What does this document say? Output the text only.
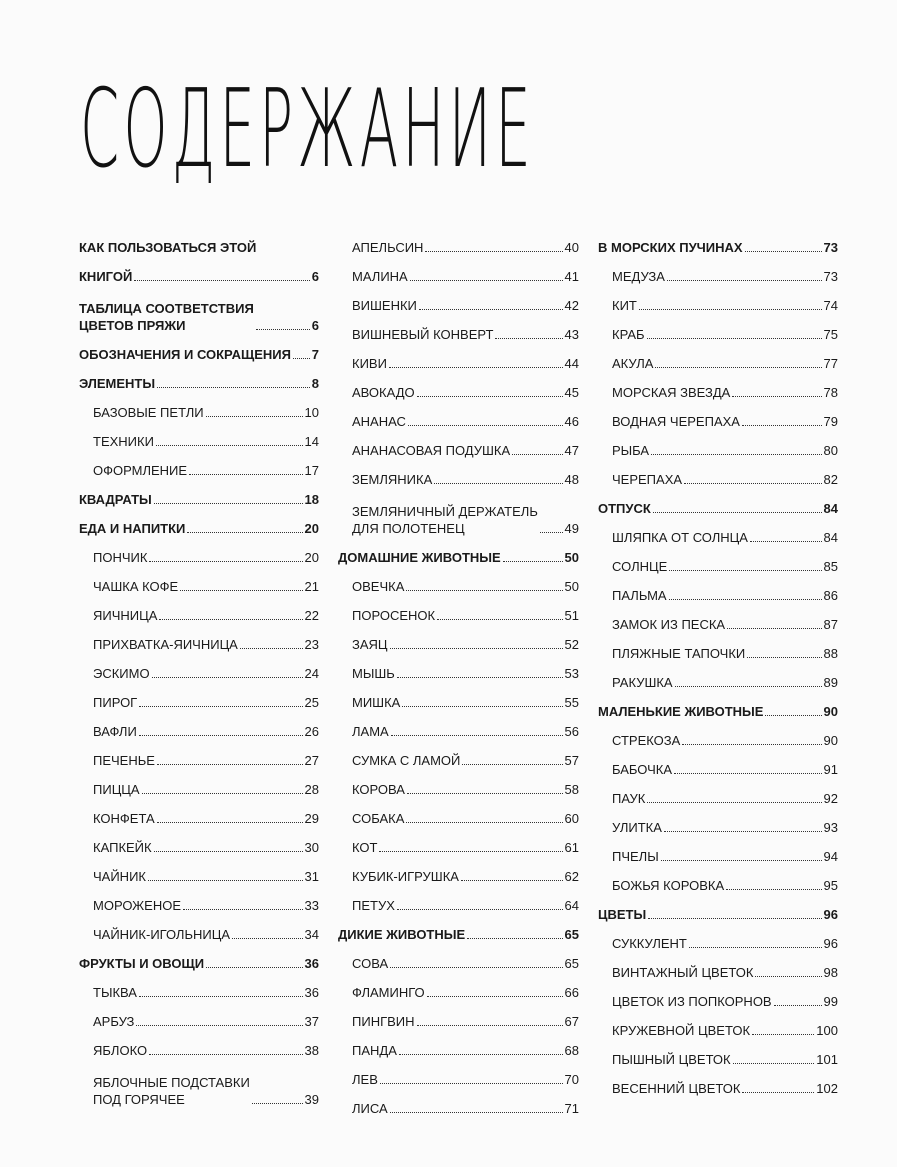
СОДЕРЖАНИЕ
КАК ПОЛЬЗОВАТЬСЯ ЭТОЙ
КНИГОЙ	6
ТАБЛИЦА СООТВЕТСТВИЯ
ЦВЕТОВ ПРЯЖИ	6
ОБОЗНАЧЕНИЯ И СОКРАЩЕНИЯ 7
ЭЛЕМЕНТЫ	8
БАЗОВЫЕ ПЕТЛИ	10
ТЕХНИКИ	14
ОФОРМЛЕНИЕ	17
КВАДРАТЫ	18
ЕДА И НАПИТКИ	20
ПОНЧИК	20
ЧАШКА КОФЕ	21
ЯИЧНИЦА	22
ПРИХВАТКА-ЯИЧНИЦА	23
ЭСКИМО	24
ПИРОГ	25
ВАФЛИ	26
ПЕЧЕНЬЕ	27
ПИЦЦА	28
КОНФЕТА	29
КАПКЕЙК	30
ЧАЙНИК	31
МОРОЖЕНОЕ	33
ЧАЙНИК-ИГОЛЬНИЦА	34
ФРУКТЫ И ОВОЩИ	36
ТЫКВА	36
АРБУЗ	37
ЯБЛОКО	38
ЯБЛОЧНЫЕ ПОДСТАВКИ
ПОД ГОРЯЧЕЕ	39
АПЕЛЬСИН	40
МАЛИНА	41
ВИШЕНКИ	42
ВИШНЕВЫЙ КОНВЕРТ	43
КИВИ	44
АВОКАДО	45
АНАНАС	46
АНАНАСОВАЯ ПОДУШКА	47
ЗЕМЛЯНИКА	48
ЗЕМЛЯНИЧНЫЙ ДЕРЖАТЕЛЬ
ДЛЯ ПОЛОТЕНЕЦ	49
ДОМАШНИЕ ЖИВОТНЫЕ	50
ОВЕЧКА	50
ПОРОСЕНОК	51
ЗАЯЦ	52
МЫШЬ	53
МИШКА	55
ЛАМА	56
СУМКА С ЛАМОЙ	57
КОРОВА	58
СОБАКА	60
КОТ	61
КУБИК-ИГРУШКА	62
ПЕТУХ	64
ДИКИЕ ЖИВОТНЫЕ	65
СОВА	65
ФЛАМИНГО	66
ПИНГВИН	67
ПАНДА	68
ЛЕВ	70
ЛИСА	71
В МОРСКИХ ПУЧИНАХ	73
МЕДУЗА	73
КИТ	74
КРАБ	75
АКУЛА	77
МОРСКАЯ ЗВЕЗДА	78
ВОДНАЯ ЧЕРЕПАХА	79
РЫБА	80
ЧЕРЕПАХА	82
ОТПУСК	84
ШЛЯПКА ОТ СОЛНЦА	84
СОЛНЦЕ	85
ПАЛЬМА	86
ЗАМОК ИЗ ПЕСКА	87
ПЛЯЖНЫЕ ТАПОЧКИ	88
РАКУШКА	89
МАЛЕНЬКИЕ ЖИВОТНЫЕ	90
СТРЕКОЗА	90
БАБОЧКА	91
ПАУК	92
УЛИТКА	93
ПЧЕЛЫ	94
БОЖЬЯ КОРОВКА	95
ЦВЕТЫ	96
СУККУЛЕНТ	96
ВИНТАЖНЫЙ ЦВЕТОК	98
ЦВЕТОК ИЗ ПОПКОРНОВ	99
КРУЖЕВНОЙ ЦВЕТОК	100
ПЫШНЫЙ ЦВЕТОК	101
ВЕСЕННИЙ ЦВЕТОК	102
